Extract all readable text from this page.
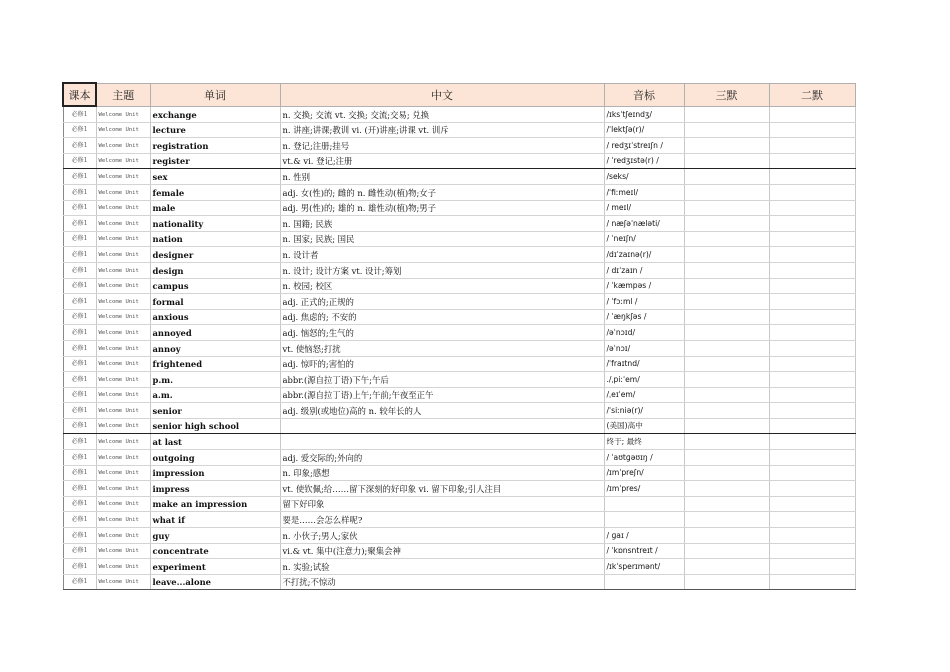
课本	主题	单词	中文	音标	三默	二默
必修1	Welcome Unit	exchange	n. 交换; 交流 vt. 交换; 交流;交易; 兑换	/ɪksˈtʃeɪndʒ/		
必修1	Welcome Unit	lecture	n. 讲座;讲课;教训 vi. (开)讲座;讲课 vt. 训斥	/ˈlektʃə(r)/		
必修1	Welcome Unit	registration	n. 登记;注册;挂号	/ redʒɪˈstreɪʃn /		
必修1	Welcome Unit	register	vt.& vi. 登记;注册	/ ˈredʒɪstə(r) /		
必修1	Welcome Unit	sex	n. 性别	/seks/		
必修1	Welcome Unit	female	adj. 女(性)的; 雌的 n. 雌性动(植)物;女子	/ˈfiːmeɪl/		
必修1	Welcome Unit	male	adj. 男(性)的; 雄的 n. 雄性动(植)物;男子	/ meɪl/		
必修1	Welcome Unit	nationality	n. 国籍; 民族	/ næʃəˈnæləti/		
必修1	Welcome Unit	nation	n. 国家; 民族; 国民	/ ˈneɪʃn/		
必修1	Welcome Unit	designer	n. 设计者	/dɪˈzaɪnə(r)/		
必修1	Welcome Unit	design	n. 设计; 设计方案 vt. 设计;筹划	/ dɪˈzaɪn /		
必修1	Welcome Unit	campus	n. 校园; 校区	/ ˈkæmpəs /		
必修1	Welcome Unit	formal	adj. 正式的;正规的	/ ˈfɔːml /		
必修1	Welcome Unit	anxious	adj. 焦虑的; 不安的	/ ˈæŋkʃəs /		
必修1	Welcome Unit	annoyed	adj. 恼怒的;生气的	/əˈnɔɪd/		
必修1	Welcome Unit	annoy	vt. 使恼怒;打扰	/əˈnɔɪ/		
必修1	Welcome Unit	frightened	adj. 惊吓的;害怕的	/ˈfraɪtnd/		
必修1	Welcome Unit	p.m.	abbr.(源自拉丁语)下午;午后	./ˌpiːˈem/		
必修1	Welcome Unit	a.m.	abbr.(源自拉丁语)上午;午前;午夜至正午	/ˌeɪˈem/		
必修1	Welcome Unit	senior	adj. 级别(或地位)高的 n. 较年长的人	/ˈsiːniə(r)/		
必修1	Welcome Unit	senior high school		(美国)高中		
必修1	Welcome Unit	at last		终于; 最终		
必修1	Welcome Unit	outgoing	adj. 爱交际的;外向的	/ ˈaʊtɡəʊɪŋ /		
必修1	Welcome Unit	impression	n. 印象;感想	/ɪmˈpreʃn/		
必修1	Welcome Unit	impress	vt. 使钦佩;给……留下深刻的好印象 vi. 留下印象;引人注目	/ɪmˈpres/		
必修1	Welcome Unit	make an impression	留下好印象			
必修1	Welcome Unit	what if	要是……会怎么样呢?			
必修1	Welcome Unit	guy	n. 小伙子;男人;家伙	/ ɡaɪ /		
必修1	Welcome Unit	concentrate	vi.& vt. 集中(注意力);聚集会神	/ ˈkɒnsntreɪt /		
必修1	Welcome Unit	experiment	n. 实验;试验	/ɪkˈsperɪmənt/		
必修1	Welcome Unit	leave...alone	不打扰;不惊动			
